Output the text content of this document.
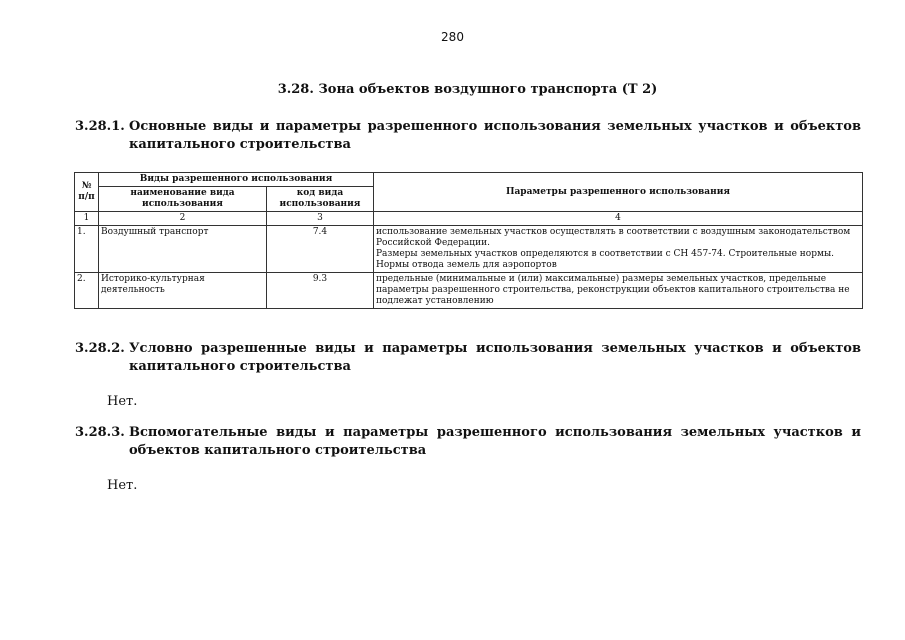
280
3.28. Зона объектов воздушного транспорта (Т 2)
3.28.1. Основные виды и параметры разрешенного использования земельных участков и объектов капитального строительства
№ п/п	Виды разрешенного использования		Параметры разрешенного использования
	наименование вида использования	код вида использования	
1	2	3	4
1.	Воздушный транспорт	7.4	использование земельных участков осуществлять в соответствии с воздушным законодательством Российской Федерации.
Размеры земельных участков определяются в соответствии с СН 457-74. Строительные нормы. Нормы отвода земель для аэропортов

2.	Историко-культурная деятельность	9.3	предельные (минимальные и (или) максимальные) размеры земельных участков, предельные параметры разрешенного строительства, реконструкции объектов капитального строительства не подлежат установлению
3.28.2. Условно разрешенные виды и параметры использования земельных участков и объектов капитального строительства
Нет.
3.28.3. Вспомогательные виды и параметры разрешенного использования земельных участков и объектов капитального строительства
Нет.
